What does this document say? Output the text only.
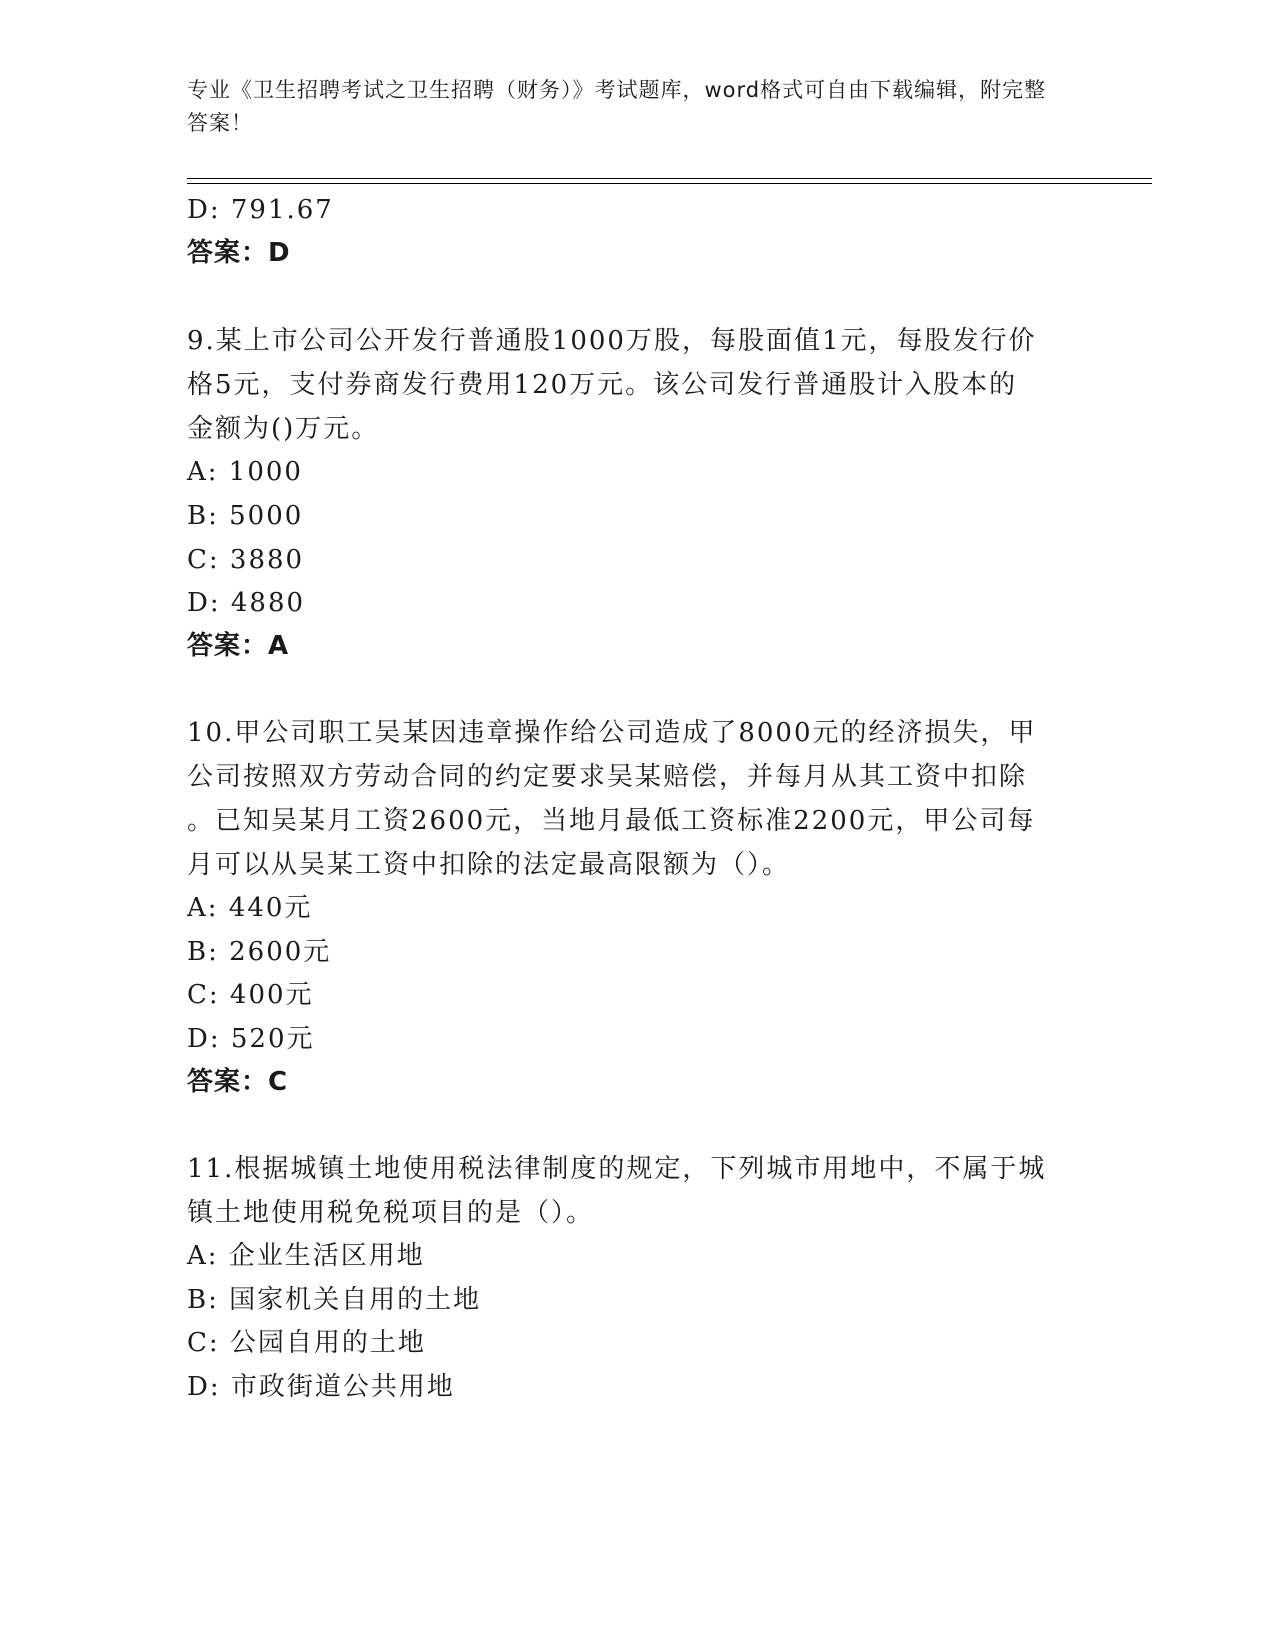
专业《卫生招聘考试之卫生招聘（财务）》考试题库，word格式可自由下载编辑，附完整答案！
D: 791.67
答案：D
9.某上市公司公开发行普通股1000万股，每股面值1元，每股发行价
格5元，支付券商发行费用120万元。该公司发行普通股计入股本的
金额为()万元。
A: 1000
B: 5000
C: 3880
D: 4880
答案：A
10.甲公司职工吴某因违章操作给公司造成了8000元的经济损失，甲
公司按照双方劳动合同的约定要求吴某赔偿，并每月从其工资中扣除
。已知吴某月工资2600元，当地月最低工资标准2200元，甲公司每
月可以从吴某工资中扣除的法定最高限额为（）。
A: 440元
B: 2600元
C: 400元
D: 520元
答案：C
11.根据城镇土地使用税法律制度的规定，下列城市用地中，不属于城
镇土地使用税免税项目的是（）。
A: 企业生活区用地
B: 国家机关自用的土地
C: 公园自用的土地
D: 市政街道公共用地
